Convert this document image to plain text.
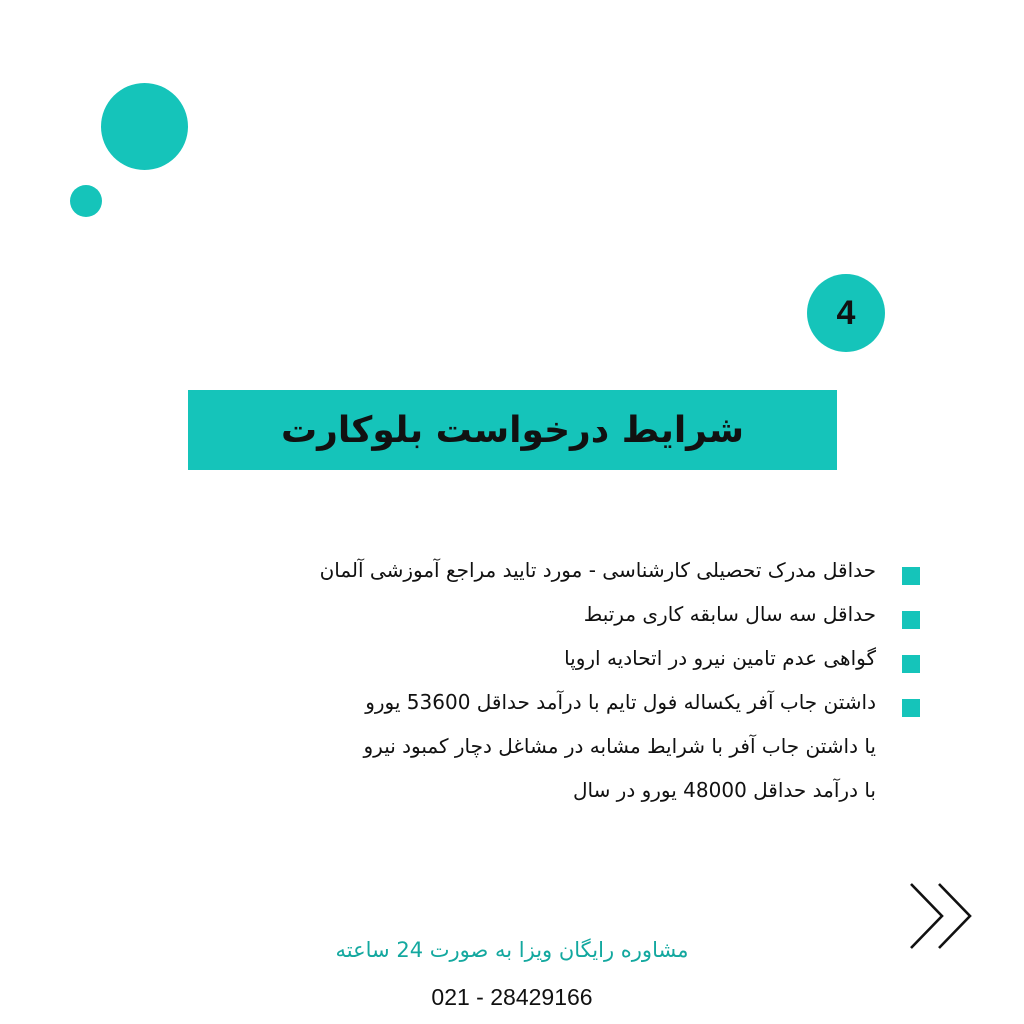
4
شرایط درخواست بلوکارت
حداقل مدرک تحصیلی کارشناسی - مورد تایید مراجع آموزشی آلمان
حداقل سه سال سابقه کاری مرتبط
گواهی عدم تامین نیرو در اتحادیه اروپا
داشتن جاب آفر یکساله فول تایم با درآمد حداقل 53600 یورو
یا داشتن جاب آفر با شرایط مشابه در مشاغل دچار کمبود نیرو
با درآمد حداقل 48000 یورو در سال
مشاوره رایگان ویزا به صورت 24 ساعته
021 - 28429166
